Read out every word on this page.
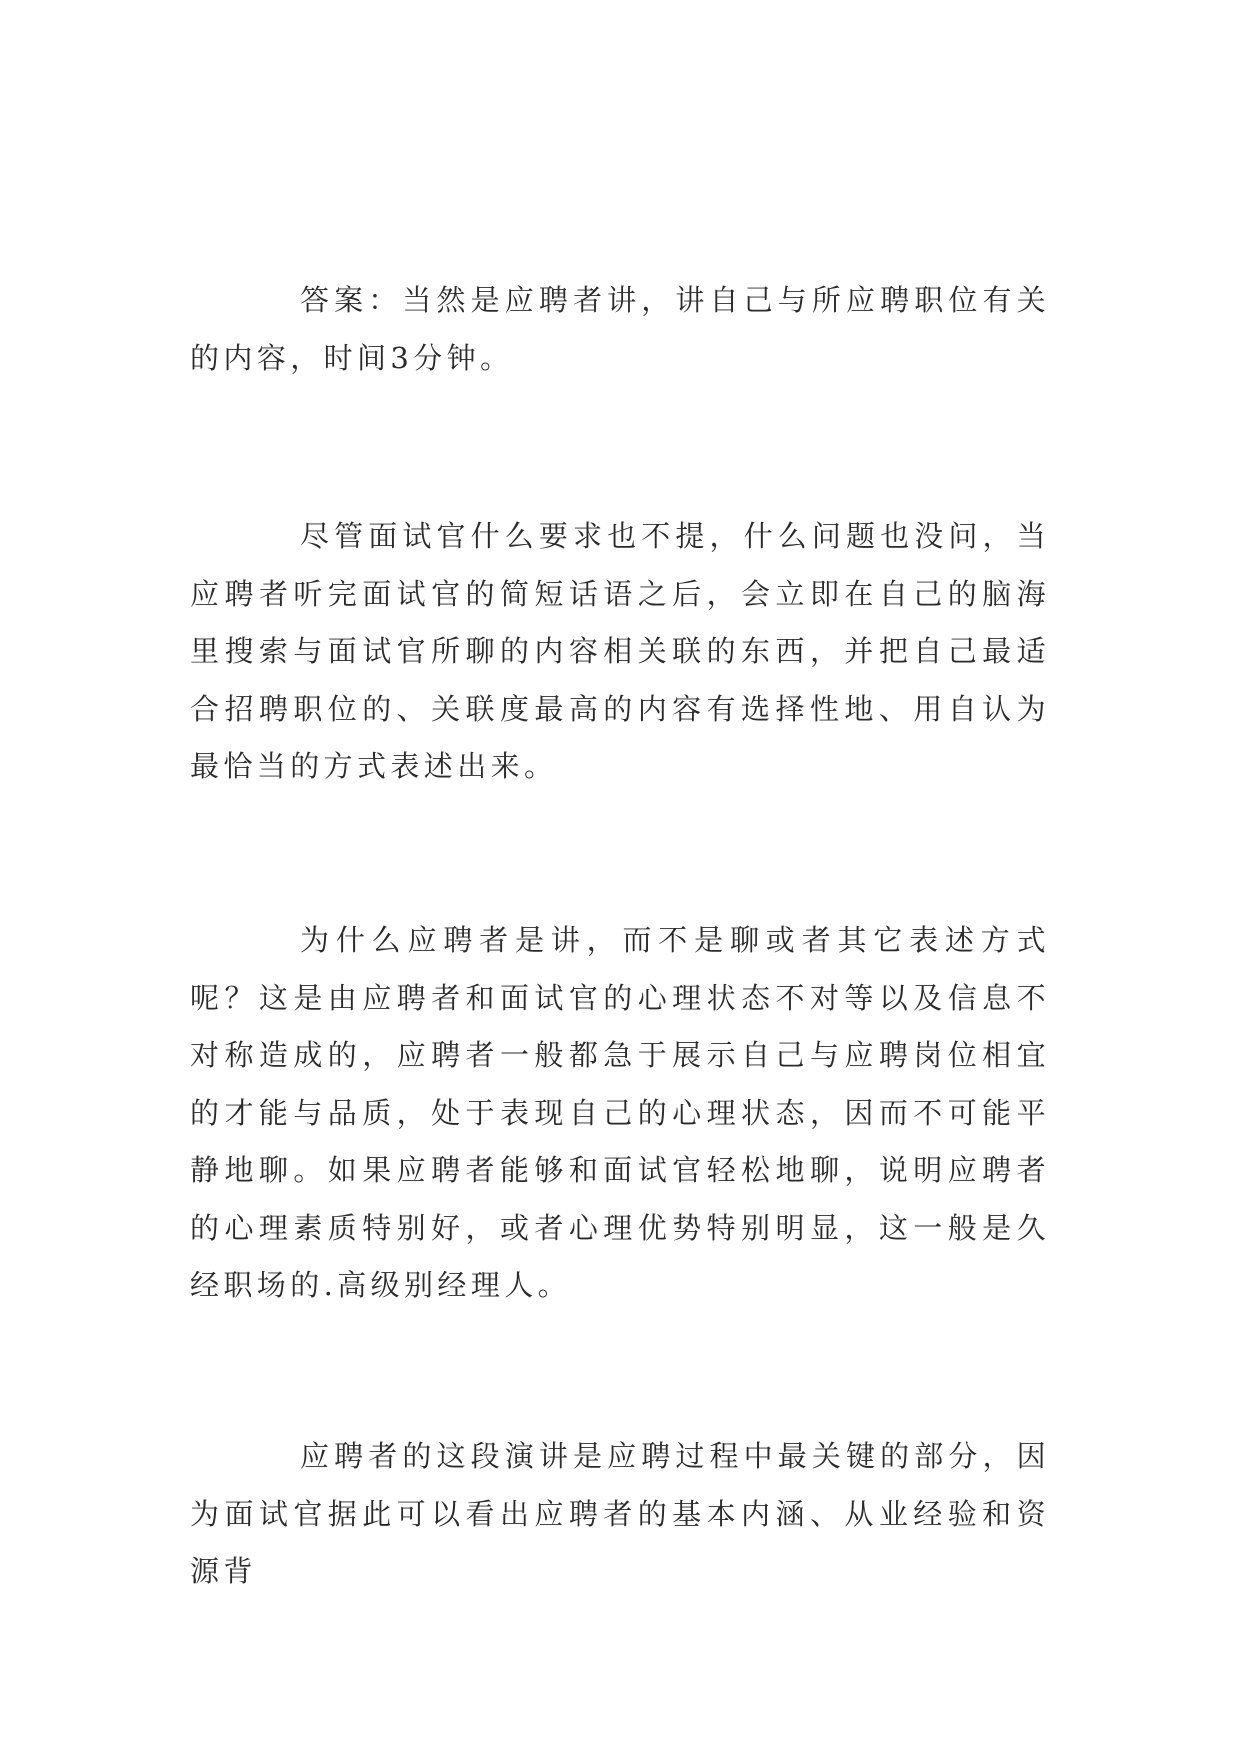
答案：当然是应聘者讲，讲自己与所应聘职位有关的内容，时间3分钟。

尽管面试官什么要求也不提，什么问题也没问，当应聘者听完面试官的简短话语之后，会立即在自己的脑海里搜索与面试官所聊的内容相关联的东西，并把自己最适合招聘职位的、关联度最高的内容有选择性地、用自认为最恰当的方式表述出来。

为什么应聘者是讲，而不是聊或者其它表述方式呢？这是由应聘者和面试官的心理状态不对等以及信息不对称造成的，应聘者一般都急于展示自己与应聘岗位相宜的才能与品质，处于表现自己的心理状态，因而不可能平静地聊。如果应聘者能够和面试官轻松地聊，说明应聘者的心理素质特别好，或者心理优势特别明显，这一般是久经职场的.高级别经理人。

应聘者的这段演讲是应聘过程中最关键的部分，因为面试官据此可以看出应聘者的基本内涵、从业经验和资源背
